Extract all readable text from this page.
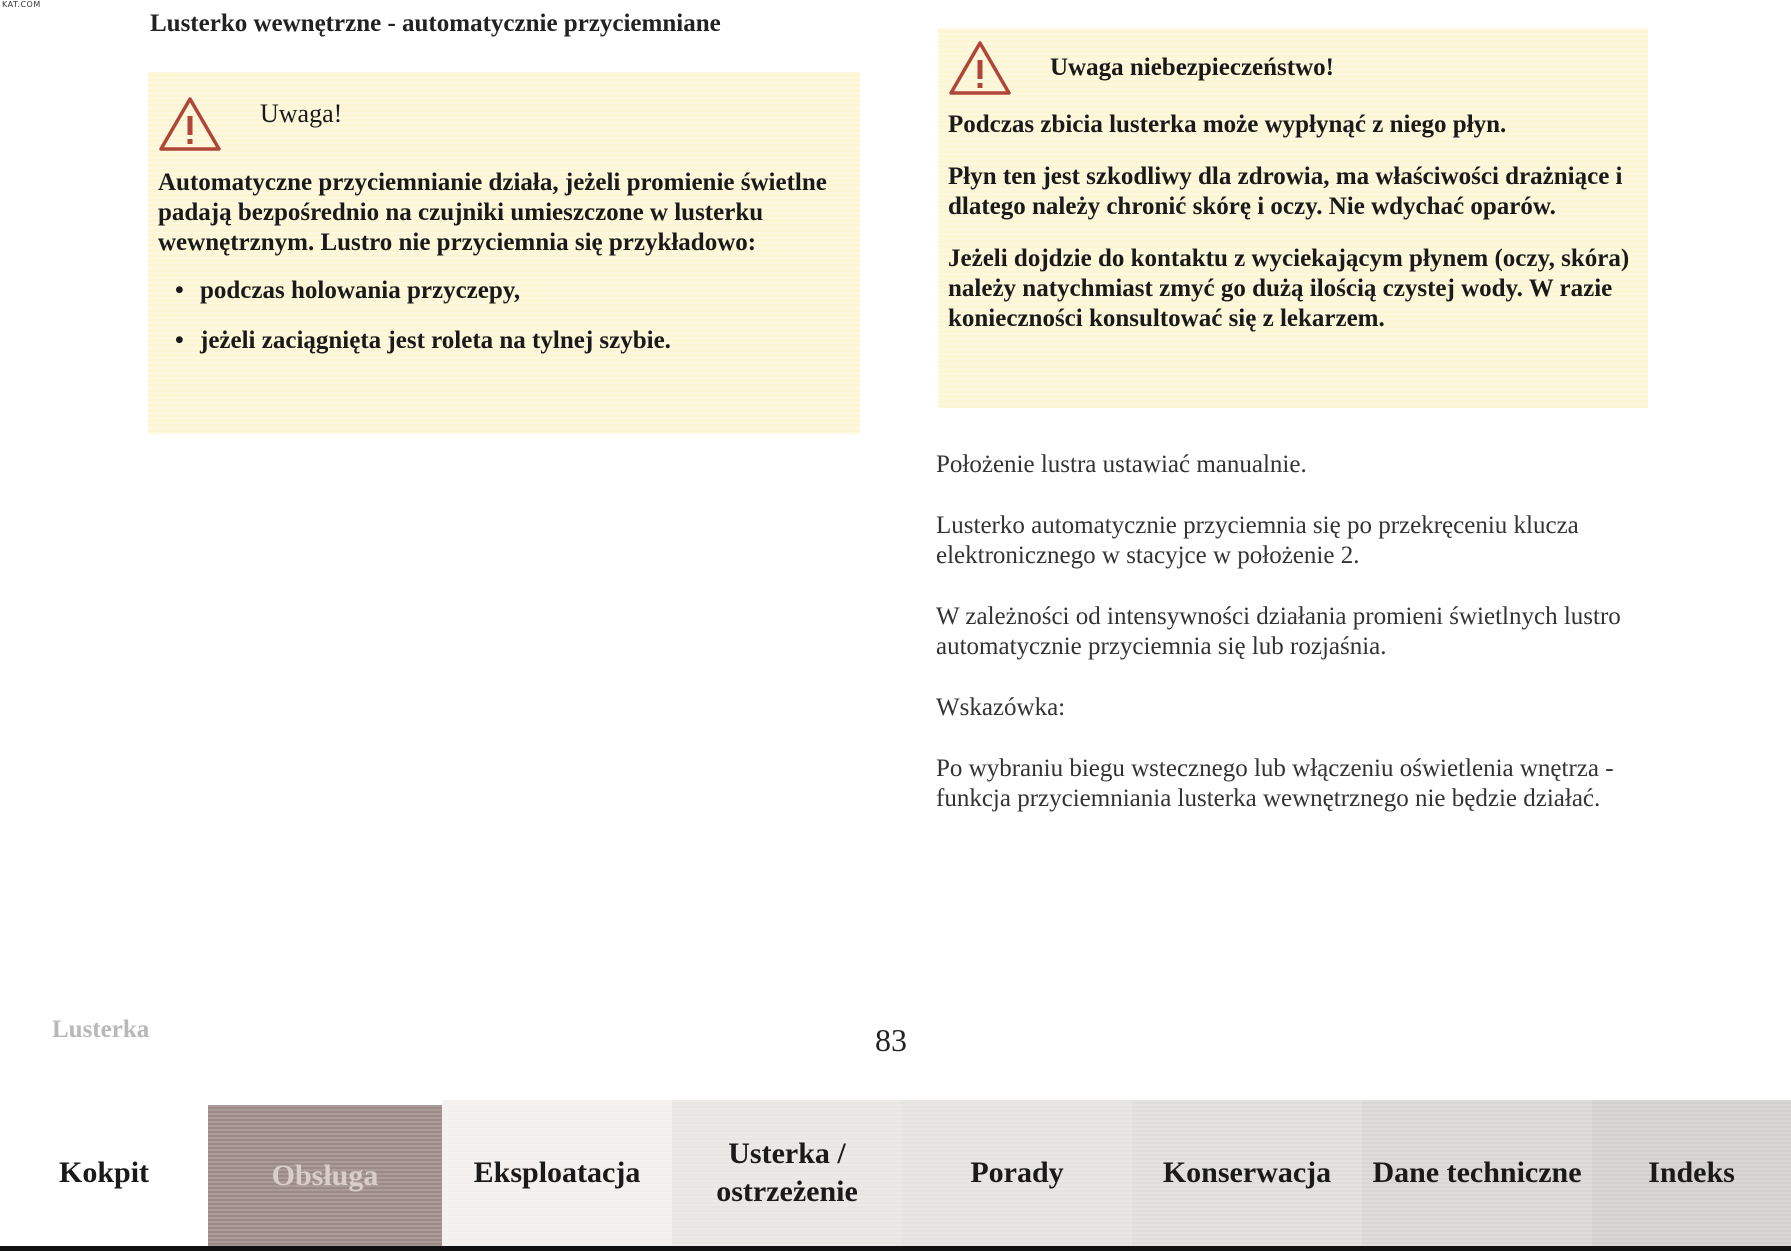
KAT.COM
Lusterko wewnętrzne - automatycznie przyciemniane
Uwaga!

Automatyczne przyciemnianie działa, jeżeli promienie świetlne padają bezpośrednio na czujniki umieszczone w lusterku wewnętrznym. Lustro nie przyciemnia się przykładowo:

• podczas holowania przyczepy,
• jeżeli zaciągnięta jest roleta na tylnej szybie.
Uwaga niebezpieczeństwo!

Podczas zbicia lusterka może wypłynąć z niego płyn.

Płyn ten jest szkodliwy dla zdrowia, ma właściwości drażniące i dlatego należy chronić skórę i oczy. Nie wdychać oparów.

Jeżeli dojdzie do kontaktu z wyciekającym płynem (oczy, skóra) należy natychmiast zmyć go dużą ilością czystej wody. W razie konieczności konsultować się z lekarzem.

Położenie lustra ustawiać manualnie.

Lusterko automatycznie przyciemnia się po przekręceniu klucza elektronicznego w stacyjce w położenie 2.

W zależności od intensywności działania promieni świetlnych lustro automatycznie przyciemnia się lub rozjaśnia.

Wskazówka:

Po wybraniu biegu wstecznego lub włączeniu oświetlenia wnętrza - funkcja przyciemniania lusterka wewnętrznego nie będzie działać.

Lusterka	83
Kokpit	Obsługa	Eksploatacja
Usterka / ostrzeżenie
Porady	Konserwacja	Dane techniczne	Indeks
